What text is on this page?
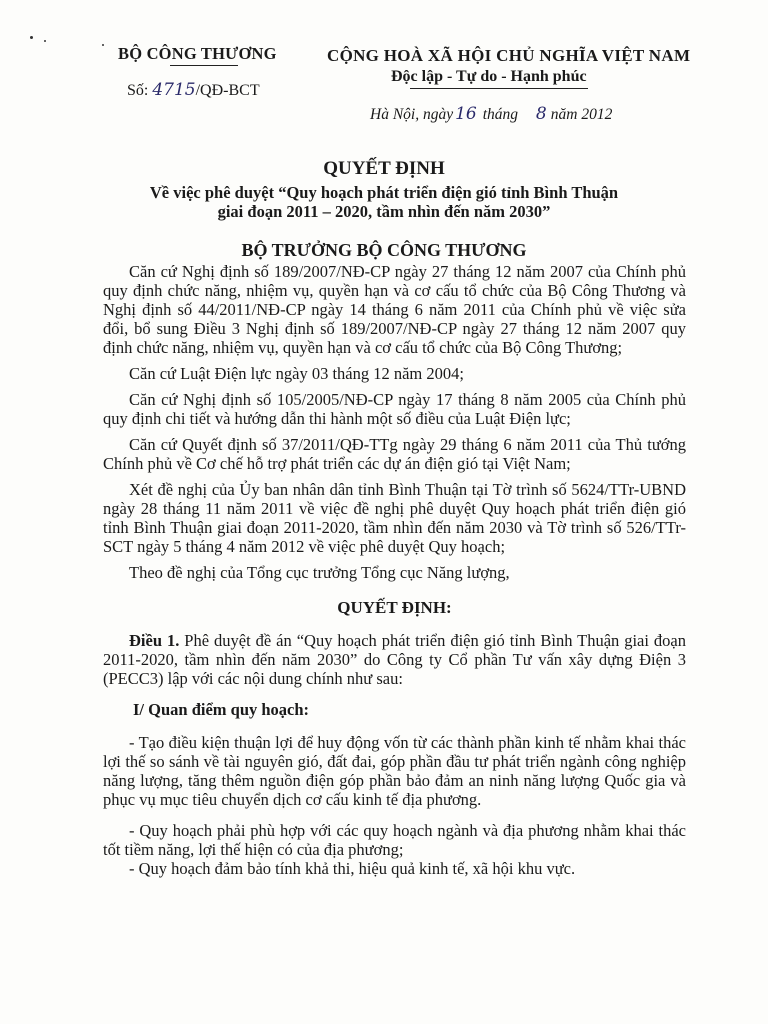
BỘ CÔNG THƯƠNG
Số: 4715/QĐ-BCT
CỘNG HOÀ XÃ HỘI CHỦ NGHĨA VIỆT NAM
Độc lập - Tự do - Hạnh phúc
Hà Nội, ngày 16 tháng 8 năm 2012
QUYẾT ĐỊNH
Về việc phê duyệt “Quy hoạch phát triển điện gió tỉnh Bình Thuận
giai đoạn 2011 – 2020, tầm nhìn đến năm 2030”
BỘ TRƯỞNG BỘ CÔNG THƯƠNG

Căn cứ Nghị định số 189/2007/NĐ-CP ngày 27 tháng 12 năm 2007 của Chính phủ quy định chức năng, nhiệm vụ, quyền hạn và cơ cấu tổ chức của Bộ Công Thương và Nghị định số 44/2011/NĐ-CP ngày 14 tháng 6 năm 2011 của Chính phủ về việc sửa đổi, bổ sung Điều 3 Nghị định số 189/2007/NĐ-CP ngày 27 tháng 12 năm 2007 quy định chức năng, nhiệm vụ, quyền hạn và cơ cấu tổ chức của Bộ Công Thương;

Căn cứ Luật Điện lực ngày 03 tháng 12 năm 2004;

Căn cứ Nghị định số 105/2005/NĐ-CP ngày 17 tháng 8 năm 2005 của Chính phủ quy định chi tiết và hướng dẫn thi hành một số điều của Luật Điện lực;

Căn cứ Quyết định số 37/2011/QĐ-TTg ngày 29 tháng 6 năm 2011 của Thủ tướng Chính phủ về Cơ chế hỗ trợ phát triển các dự án điện gió tại Việt Nam;

Xét đề nghị của Ủy ban nhân dân tỉnh Bình Thuận tại Tờ trình số 5624/TTr-UBND ngày 28 tháng 11 năm 2011 về việc đề nghị phê duyệt Quy hoạch phát triển điện gió tỉnh Bình Thuận giai đoạn 2011-2020, tầm nhìn đến năm 2030 và Tờ trình số 526/TTr-SCT ngày 5 tháng 4 năm 2012 về việc phê duyệt Quy hoạch;

Theo đề nghị của Tổng cục trưởng Tổng cục Năng lượng,

QUYẾT ĐỊNH:

Điều 1. Phê duyệt đề án “Quy hoạch phát triển điện gió tỉnh Bình Thuận giai đoạn 2011-2020, tầm nhìn đến năm 2030” do Công ty Cổ phần Tư vấn xây dựng Điện 3 (PECC3) lập với các nội dung chính như sau:

I/ Quan điểm quy hoạch:

- Tạo điều kiện thuận lợi để huy động vốn từ các thành phần kinh tế nhằm khai thác lợi thế so sánh về tài nguyên gió, đất đai, góp phần đầu tư phát triển ngành công nghiệp năng lượng, tăng thêm nguồn điện góp phần bảo đảm an ninh năng lượng Quốc gia và phục vụ mục tiêu chuyển dịch cơ cấu kinh tế địa phương.

- Quy hoạch phải phù hợp với các quy hoạch ngành và địa phương nhằm khai thác tốt tiềm năng, lợi thế hiện có của địa phương;

- Quy hoạch đảm bảo tính khả thi, hiệu quả kinh tế, xã hội khu vực.
